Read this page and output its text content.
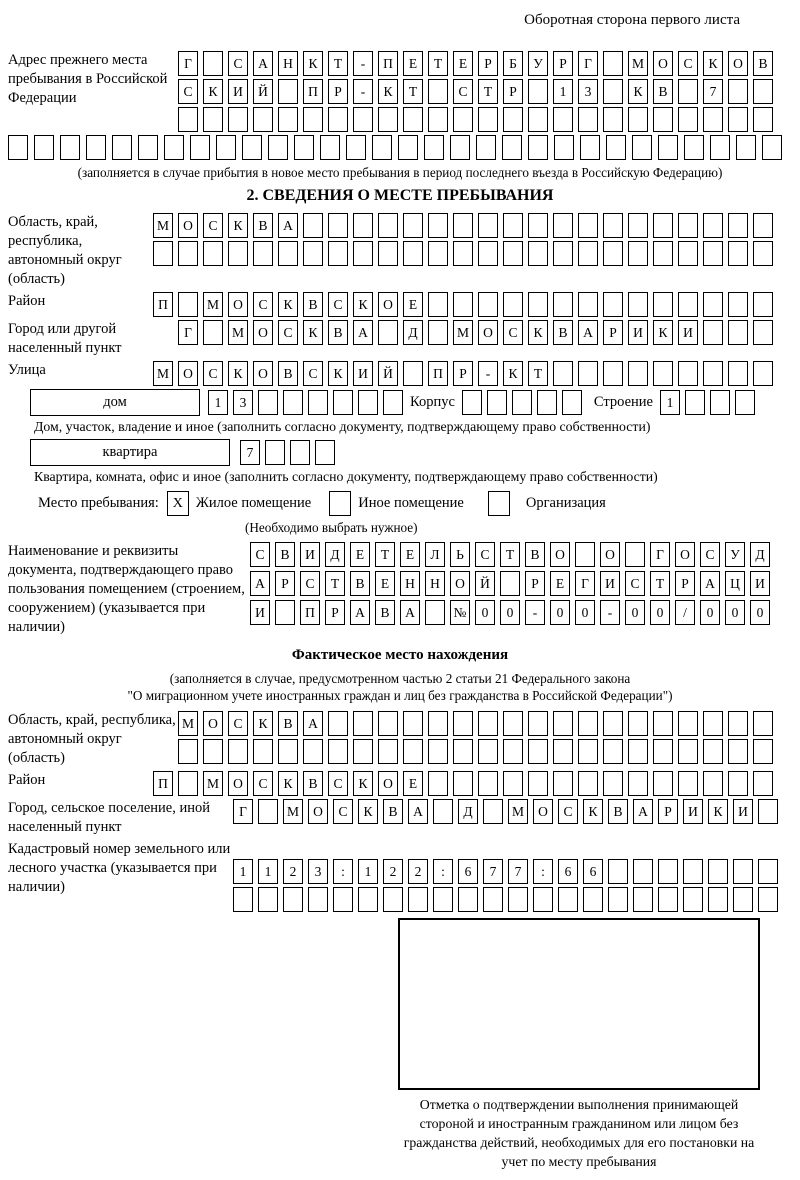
Оборотная сторона первого листа
Адрес прежнего места пребывания в Российской Федерации
Г	С	А	Н	К	Т	-	П	Е	Т	Е	Р	Б	У	Р	Г	М	О	С	К	О	В
С	К	И	Й	П	Р	-	К	Т	С	Т	Р	1	3	К	В	7
(заполняется в случае прибытия в новое место пребывания в период последнего въезда в Российскую Федерацию)
2. СВЕДЕНИЯ О МЕСТЕ ПРЕБЫВАНИЯ
Область, край, республика, автономный округ (область)
М	О	С	К	В	А
Район	П	М	О	С	К	В	С	К	О	Е
Город или другой населенный пункт
Г	М	О	С	К	В	А	Д	М	О	С	К	В	А	Р	И	К	И
Улица	М	О	С	К	О	В	С	К	И	Й	П	Р	-	К	Т
дом	1	3	Корпус	Строение	1
Дом, участок, владение и иное (заполнить согласно документу, подтверждающему право собственности)
квартира	7
Квартира, комната, офис и иное (заполнить согласно документу, подтверждающему право собственности)
Место пребывания: X Жилое помещение	Иное помещение	Организация
(Необходимо выбрать нужное)
Наименование и реквизиты документа, подтверждающего право пользования помещением (строением, сооружением) (указывается при наличии)
С	В	И	Д	Е	Т	Е	Л	Ь	С	Т	В	О	О	Г	О	С	У	Д
А	Р	С	Т	В	Е	Н	Н	О	Й	Р	Е	Г	И	С	Т	Р	А	Ц	И
И	П	Р	А	В	А	№	0	0	-	0	0	-	0	0	/	0	0	0
Фактическое место нахождения
(заполняется в случае, предусмотренном частью 2 статьи 21 Федерального закона
"О миграционном учете иностранных граждан и лиц без гражданства в Российской Федерации")
Область, край, республика, автономный округ (область)
М	О	С	К	В	А
Район	П	М	О	С	К	В	С	К	О	Е
Город, сельское поселение, иной населенный пункт
Г	М	О	С	К	В	А	Д	М	О	С	К	В	А	Р	И	К	И
Кадастровый номер земельного или лесного участка (указывается при наличии)
1	1	2	3	:	1	2	2	:	6	7	7	:	6	6
Отметка о подтверждении выполнения принимающей стороной и иностранным гражданином или лицом без гражданства действий, необходимых для его постановки на учет по месту пребывания
